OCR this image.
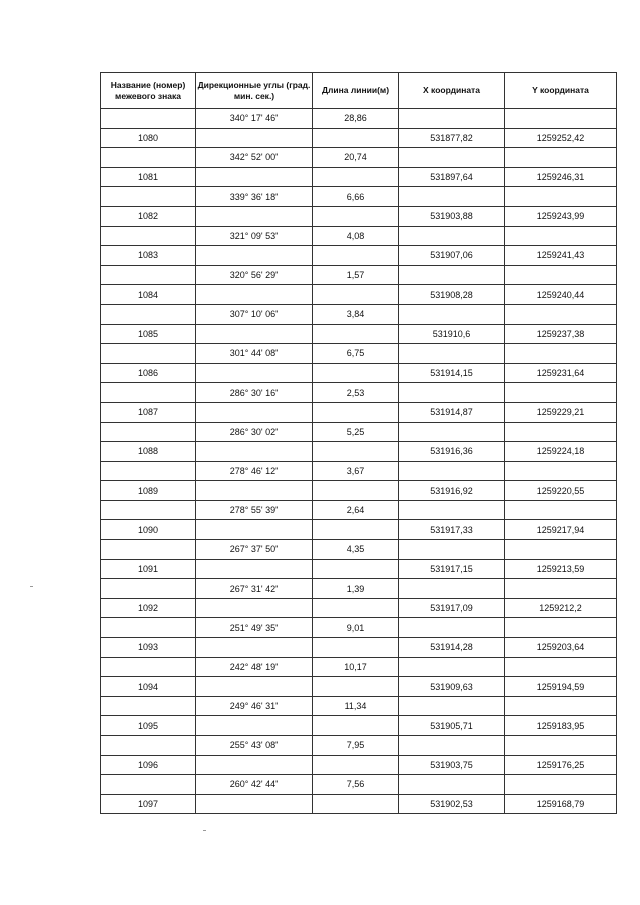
Название (номер) межевого знака	Дирекционные углы (град. мин. сек.)	Длина линии(м)	X координата	Y координата
	340° 17' 46"	28,86		
1080			531877,82	1259252,42
	342° 52' 00"	20,74		
1081			531897,64	1259246,31
	339° 36' 18"	6,66		
1082			531903,88	1259243,99
	321° 09' 53"	4,08		
1083			531907,06	1259241,43
	320° 56' 29"	1,57		
1084			531908,28	1259240,44
	307° 10' 06"	3,84		
1085			531910,6	1259237,38
	301° 44' 08"	6,75		
1086			531914,15	1259231,64
	286° 30' 16"	2,53		
1087			531914,87	1259229,21
	286° 30' 02"	5,25		
1088			531916,36	1259224,18
	278° 46' 12"	3,67		
1089			531916,92	1259220,55
	278° 55' 39"	2,64		
1090			531917,33	1259217,94
	267° 37' 50"	4,35		
1091			531917,15	1259213,59
	267° 31' 42"	1,39		
1092			531917,09	1259212,2
	251° 49' 35"	9,01		
1093			531914,28	1259203,64
	242° 48' 19"	10,17		
1094			531909,63	1259194,59
	249° 46' 31"	11,34		
1095			531905,71	1259183,95
	255° 43' 08"	7,95		
1096			531903,75	1259176,25
	260° 42' 44"	7,56		
1097			531902,53	1259168,79
